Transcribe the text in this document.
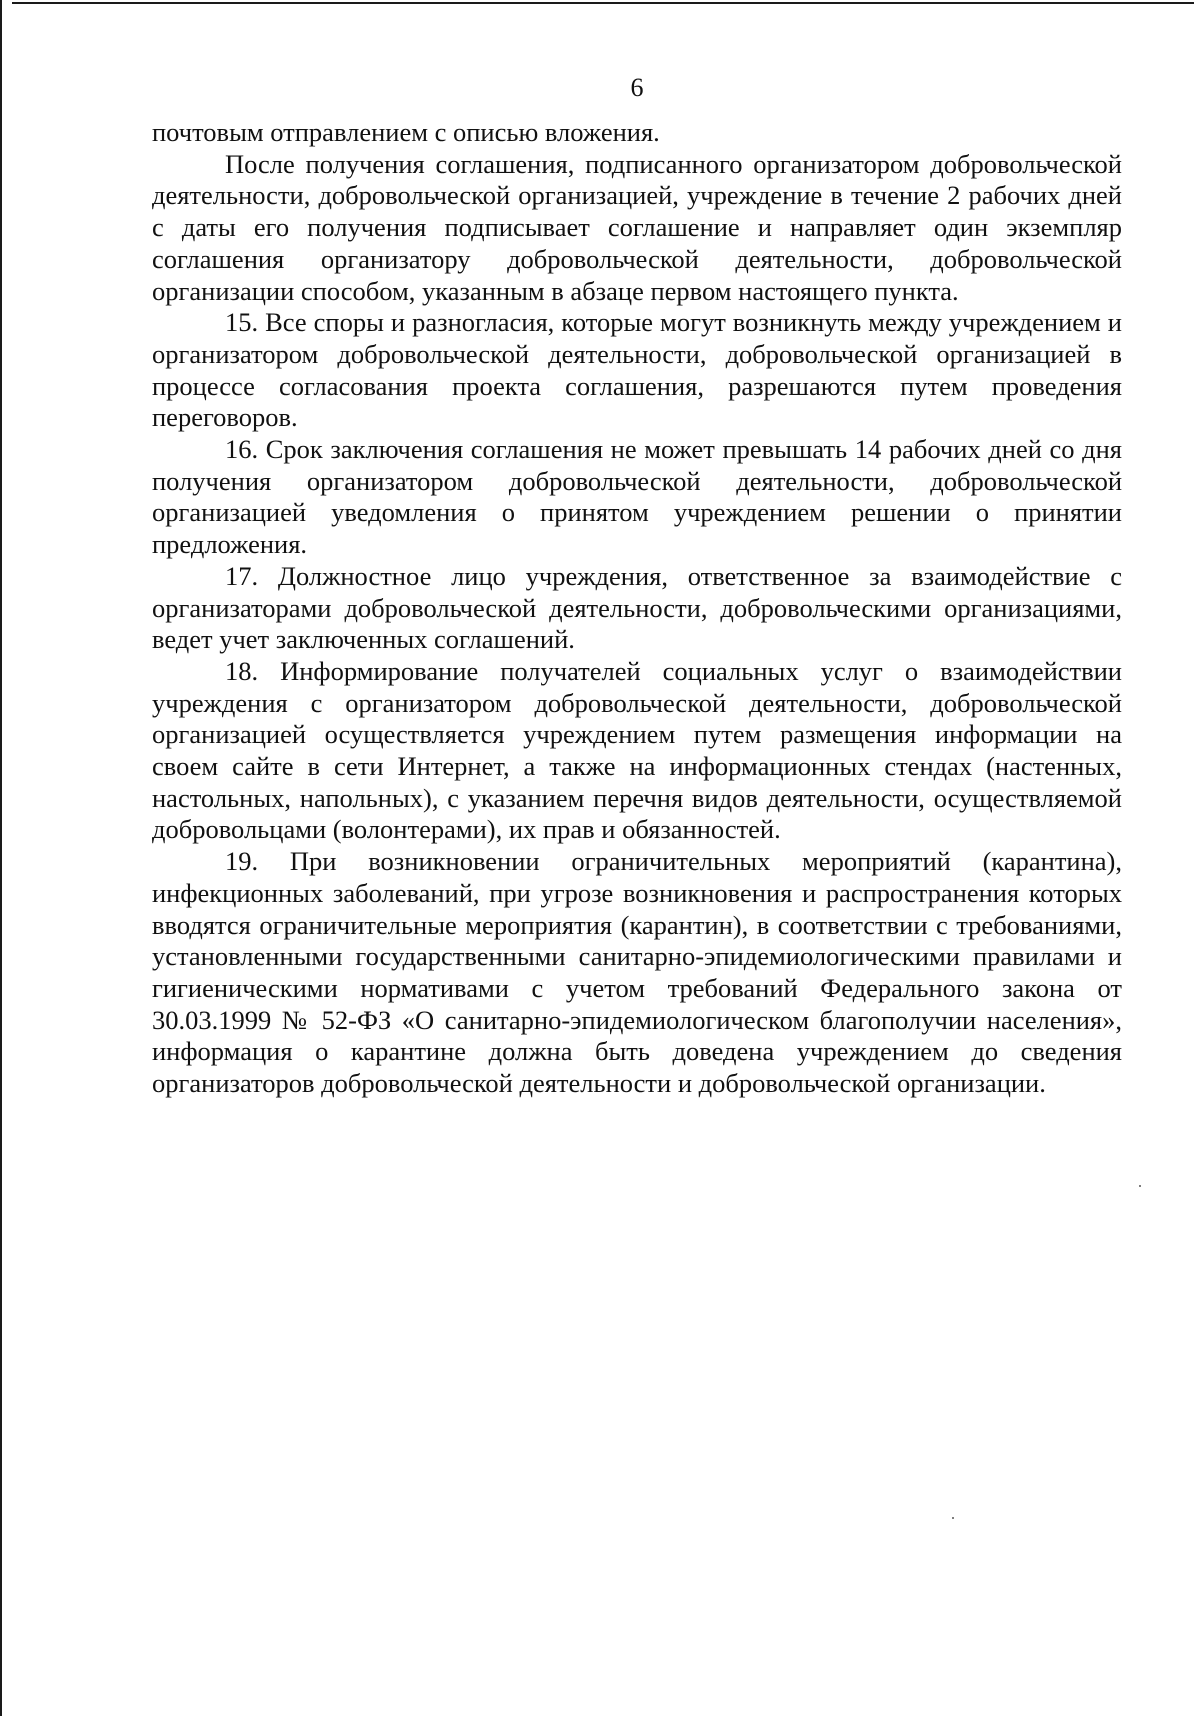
6

почтовым отправлением с описью вложения.

После получения соглашения, подписанного организатором добровольческой деятельности, добровольческой организацией, учреждение в течение 2 рабочих дней с даты его получения подписывает соглашение и направляет один экземпляр соглашения организатору добровольческой деятельности, добровольческой организации способом, указанным в абзаце первом настоящего пункта.

15. Все споры и разногласия, которые могут возникнуть между учреждением и организатором добровольческой деятельности, добровольческой организацией в процессе согласования проекта соглашения, разрешаются путем проведения переговоров.

16. Срок заключения соглашения не может превышать 14 рабочих дней со дня получения организатором добровольческой деятельности, добровольческой организацией уведомления о принятом учреждением решении о принятии предложения.

17. Должностное лицо учреждения, ответственное за взаимодействие с организаторами добровольческой деятельности, добровольческими организациями, ведет учет заключенных соглашений.

18. Информирование получателей социальных услуг о взаимодействии учреждения с организатором добровольческой деятельности, добровольческой организацией осуществляется учреждением путем размещения информации на своем сайте в сети Интернет, а также на информационных стендах (настенных, настольных, напольных), с указанием перечня видов деятельности, осуществляемой добровольцами (волонтерами), их прав и обязанностей.

19. При возникновении ограничительных мероприятий (карантина), инфекционных заболеваний, при угрозе возникновения и распространения которых вводятся ограничительные мероприятия (карантин), в соответствии с требованиями, установленными государственными санитарно-эпидемиологическими правилами и гигиеническими нормативами с учетом требований Федерального закона от 30.03.1999 № 52-ФЗ «О санитарно-эпидемиологическом благополучии населения», информация о карантине должна быть доведена учреждением до сведения организаторов добровольческой деятельности и добровольческой организации.
